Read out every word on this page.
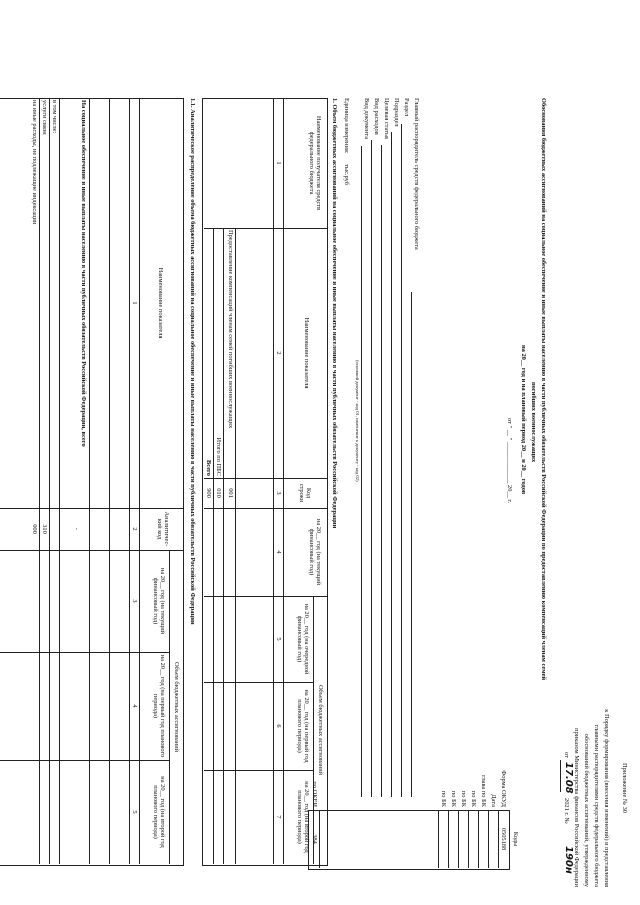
Приложение № 30
к Порядку формирования (внесения изменений) и представления
главными распорядителями средств федерального бюджета
обоснований бюджетных ассигнований, утвержденному
приказом Министерства финансов Российской Федерации
от
17.08
2021 г. №
190н
Обоснования бюджетных ассигнований на социальное обеспечение и иные выплаты населению в части публичных обязательств Российской Федерации по предоставлению компенсаций членам семей
погибших военнослужащих
на 20__ год и на плановый период 20__ и 20__ годов
от " __ " _____________ 20__ г.
Коды
0505188
384
Форма ОКУД
Дата
глава по БК
по БК
по БК
по БК
по БК
по ОКЕИ
Главный распорядитель средств федерального бюджета
Раздел
Подраздел
Целевая статья
Вид расходов
Вид документа
(основной документ - код 01, изменение к документу - код 02)
Единица измерения:
тыс.руб
1. Объем бюджетных ассигнований на социальное обеспечение и иные выплаты населению в части публичных обязательств Российской Федерации
Наименование получателя средств федерального бюджета
Наименование показателя
Код строки
на 20__ год (на текущий финансовый год)
Объем бюджетных ассигнований
на 20__ год (на очередной финансовый год)
на 20__ год (на первый год планового периода)
на 20__ год (на второй год планового периода)
1
2
3
4
5
6
7
Предоставление компенсаций членам семей погибших военнослужащих
001
Итого по ПБС
010
Всего
900
1.1. Аналитическое распределение объема бюджетных ассигнований на социальное обеспечение и иные выплаты населению в части публичных обязательств Российской Федерации
Наименование показателя
Аналитичес-кий код
Объем бюджетных ассигнований
на 20__ год (на текущий финансовый год)
на 20__ год (на первый год планового периода)
на 20__ год (на второй год планового периода)
1
2
3
4
5
На социальное обеспечение и иные выплаты населению в части публичных обязательств Российской Федерации, всего
-
в том числе:
услуги связи
310
на иные расходы, не подлежащие индексации
000
